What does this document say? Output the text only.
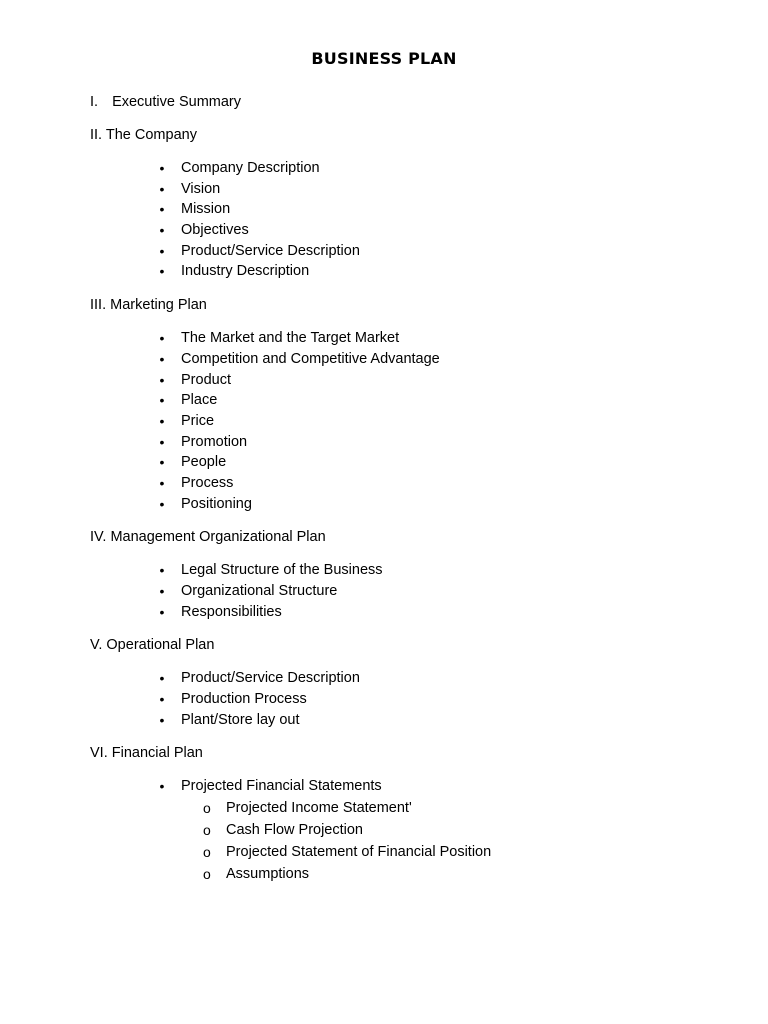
BUSINESS PLAN

I. Executive Summary

II. The Company

• Company Description
• Vision
• Mission
• Objectives
• Product/Service Description
• Industry Description

III. Marketing Plan

• The Market and the Target Market
• Competition and Competitive Advantage
• Product
• Place
• Price
• Promotion
• People
• Process
• Positioning

IV. Management Organizational Plan

• Legal Structure of the Business
• Organizational Structure
• Responsibilities

V. Operational Plan

• Product/Service Description
• Production Process
• Plant/Store lay out

VI. Financial Plan

• Projected Financial Statements
o Projected Income Statement'
o Cash Flow Projection
o Projected Statement of Financial Position
o Assumptions
